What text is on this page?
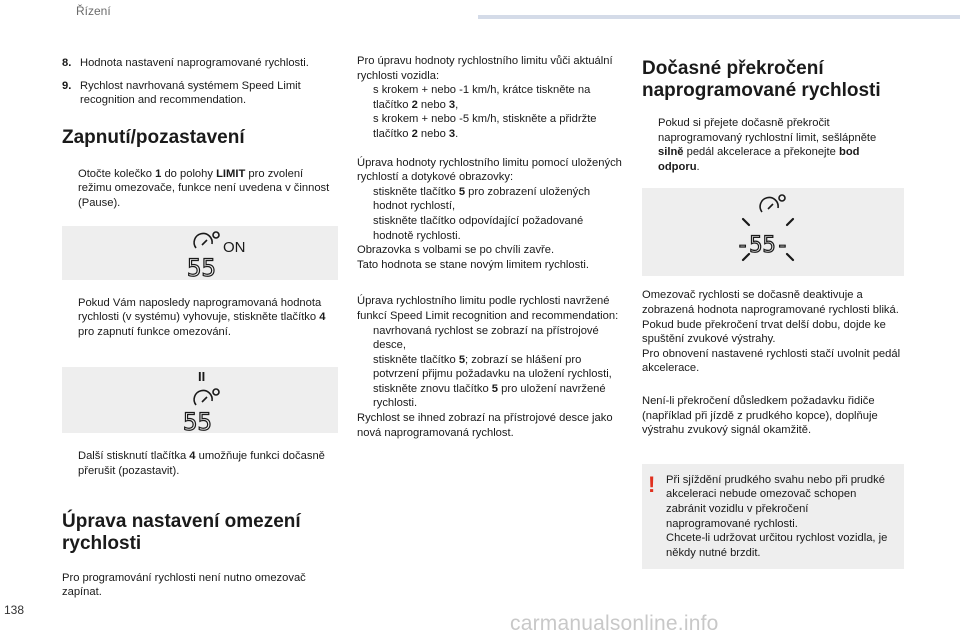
Řízení
8. Hodnota nastavení naprogramované rychlosti.
9. Rychlost navrhovaná systémem Speed Limit recognition and recommendation.
Zapnutí/pozastavení
Otočte kolečko 1 do polohy LIMIT pro zvolení režimu omezovače, funkce není uvedena v činnost (Pause).
ON
55
Pokud Vám naposledy naprogramovaná hodnota rychlosti (v systému) vyhovuje, stiskněte tlačítko 4 pro zapnutí funkce omezování.
II
55
Další stisknutí tlačítka 4 umožňuje funkci dočasně přerušit (pozastavit).
Úprava nastavení omezení rychlosti

Pro programování rychlosti není nutno omezovač zapínat.

Pro úpravu hodnoty rychlostního limitu vůči aktuální rychlosti vozidla:

s krokem + nebo -1 km/h, krátce tiskněte na tlačítko 2 nebo 3,
s krokem + nebo -5 km/h, stiskněte a přidržte tlačítko 2 nebo 3.

Úprava hodnoty rychlostního limitu pomocí uložených rychlostí a dotykové obrazovky:

stiskněte tlačítko 5 pro zobrazení uložených hodnot rychlostí,
stiskněte tlačítko odpovídající požadované hodnotě rychlosti.

Obrazovka s volbami se po chvíli zavře.

Tato hodnota se stane novým limitem rychlosti.

Úprava rychlostního limitu podle rychlosti navržené funkcí Speed Limit recognition and recommendation:

navrhovaná rychlost se zobrazí na přístrojové desce,
stiskněte tlačítko 5; zobrazí se hlášení pro potvrzení přijmu požadavku na uložení rychlosti,
stiskněte znovu tlačítko 5 pro uložení navržené rychlosti.

Rychlost se ihned zobrazí na přístrojové desce jako nová naprogramovaná rychlost.

Dočasné překročení naprogramované rychlosti
Pokud si přejete dočasně překročit naprogramovaný rychlostní limit, sešlápněte silně pedál akcelerace a překonejte bod odporu.
-55-

Omezovač rychlosti se dočasně deaktivuje a zobrazená hodnota naprogramované rychlosti bliká.

Pokud bude překročení trvat delší dobu, dojde ke spuštění zvukové výstrahy.

Pro obnovení nastavené rychlosti stačí uvolnit pedál akcelerace.

Není-li překročení důsledkem požadavku řidiče (například při jízdě z prudkého kopce), doplňuje výstrahu zvukový signál okamžitě.

! Při sjíždění prudkého svahu nebo při prudké akceleraci nebude omezovač schopen zabránit vozidlu v překročení naprogramované rychlosti.

Chcete-li udržovat určitou rychlost vozidla, je někdy nutné brzdit.

138
carmanualsonline.info
